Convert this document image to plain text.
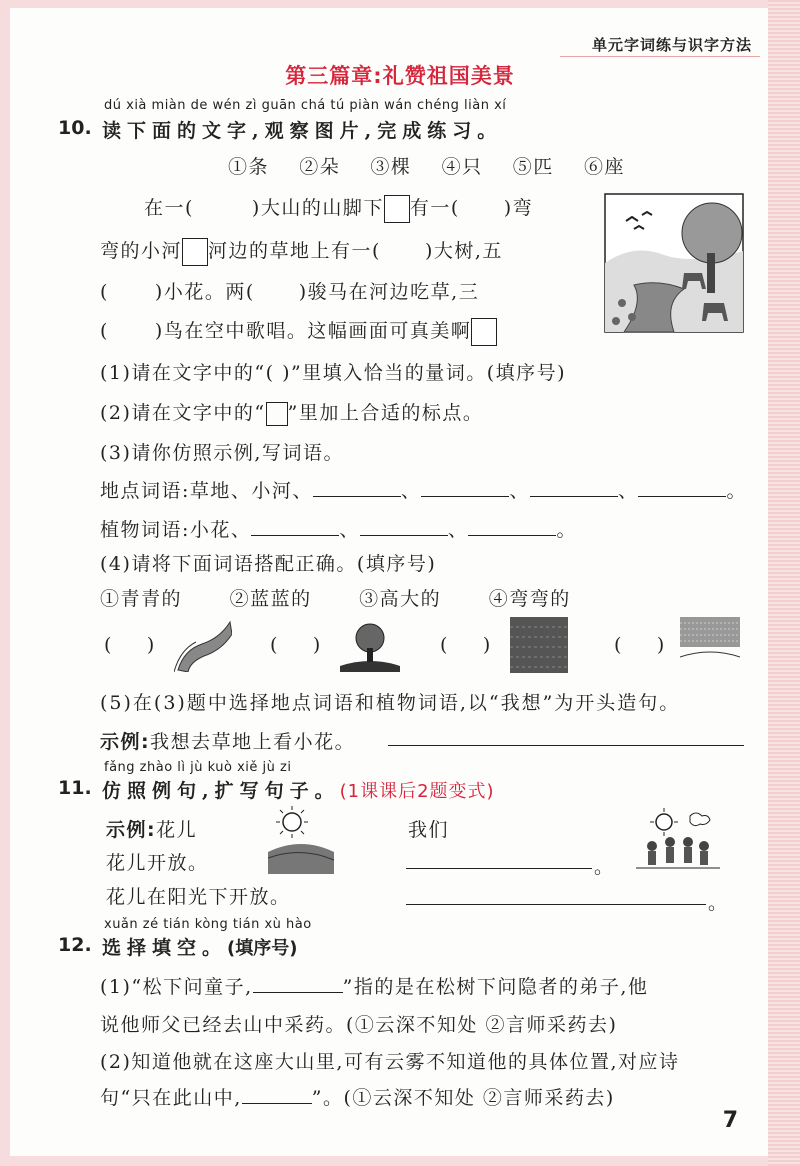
单元字词练与识字方法
第三篇章:礼赞祖国美景
dú xià miàn de wén zì guān chá tú piàn wán chéng liàn xí
10. 读下面的文字,观察图片,完成练习。
①条 ②朵 ③棵 ④只 ⑤匹 ⑥座
在一(	)大山的山脚下 有一( )弯
弯的小河 河边的草地上有一( )大树,五
( )小花。两( )骏马在河边吃草,三
( )鸟在空中歌唱。这幅画面可真美啊
(1)请在文字中的“( )”里填入恰当的量词。(填序号)
(2)请在文字中的“ ”里加上合适的标点。
(3)请你仿照示例,写词语。
地点词语:草地、小河、	、	、	、	。
植物词语:小花、	、	、	。
(4)请将下面词语搭配正确。(填序号)
①青青的	②蓝蓝的	③高大的	④弯弯的
( )	( )	( )	( )
(5)在(3)题中选择地点词语和植物词语,以“我想”为开头造句。
示例:我想去草地上看小花。
fǎng zhào lì jù kuò xiě jù zi
11. 仿照例句,扩写句子。(1课课后2题变式)
示例:花儿
花儿开放。
花儿在阳光下开放。
我们
。
。
xuǎn zé tián kòng tián xù hào
12. 选择填空。(填序号)
(1)“松下问童子,	”指的是在松树下问隐者的弟子,他
说他师父已经去山中采药。(①云深不知处 ②言师采药去)
(2)知道他就在这座大山里,可有云雾不知道他的具体位置,对应诗
句“只在此山中,	”。(①云深不知处 ②言师采药去)
7
